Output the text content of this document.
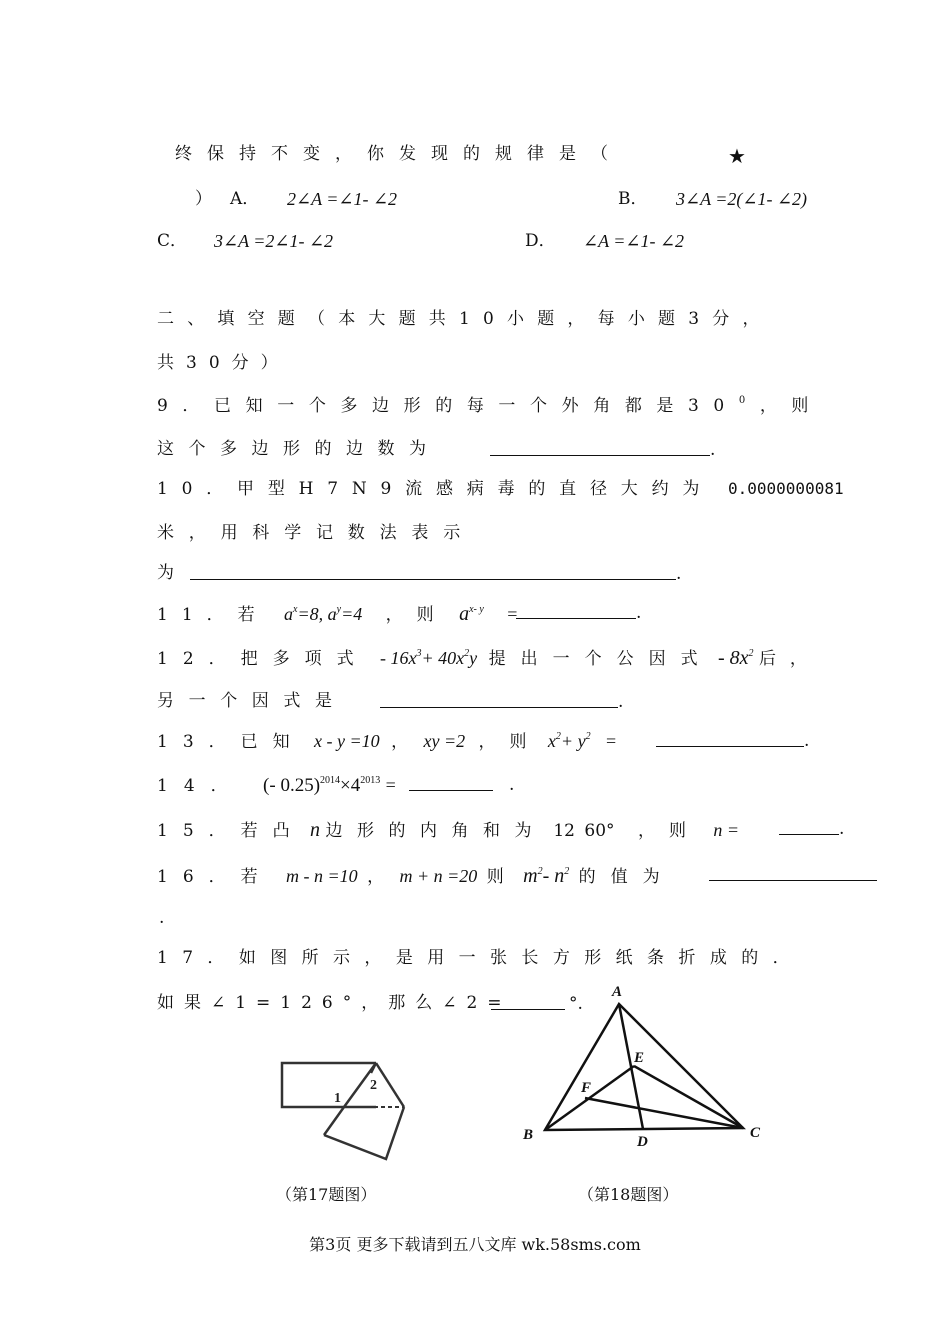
终保持不变，你发现的规律是（	★
） A． 2∠A =∠1- ∠2	B． 3∠A =2(∠1- ∠2)
C． 3∠A =2∠1- ∠2	D． ∠A =∠1- ∠2
二、填空题（本大题共10小题，每小题3分，
共30分）
9．已知一个多边形的每一个外角都是$30^0$，则
这个多边形的边数为	.
10．甲型H7N9流感病毒的直径大约为 0.0000000081
米，用科学记数法表示
为	.
11．若 $a^x=8$, $a^y=4$ ，则 $a^{x- y}$ =	.
12．把多项式 - $16x^3+ 40x^2y$ 提出一个公因式 - $8x^2$ 后，
另一个因式是	.
13．已知 x - y =10 ， xy =2 ，则 $x^2+ y^2$ =	.
14． (- $0.25)^{2014}\times 4^{2013}$ =	.
15．若凸 n 边形的内角和为 12 60° ，则 n =	.
16．若 m - n =10 ， m + n =20 则 $m^2-$ $n^2$ 的值为
.
17．如图所示，是用一张长方形纸条折成的．
如果∠1=126°，那么∠2=	°.
1
2
（第17题图）
A
B	C
D
E
F
（第18题图）
第3页 更多下载请到五八文库 wk.58sms.com
